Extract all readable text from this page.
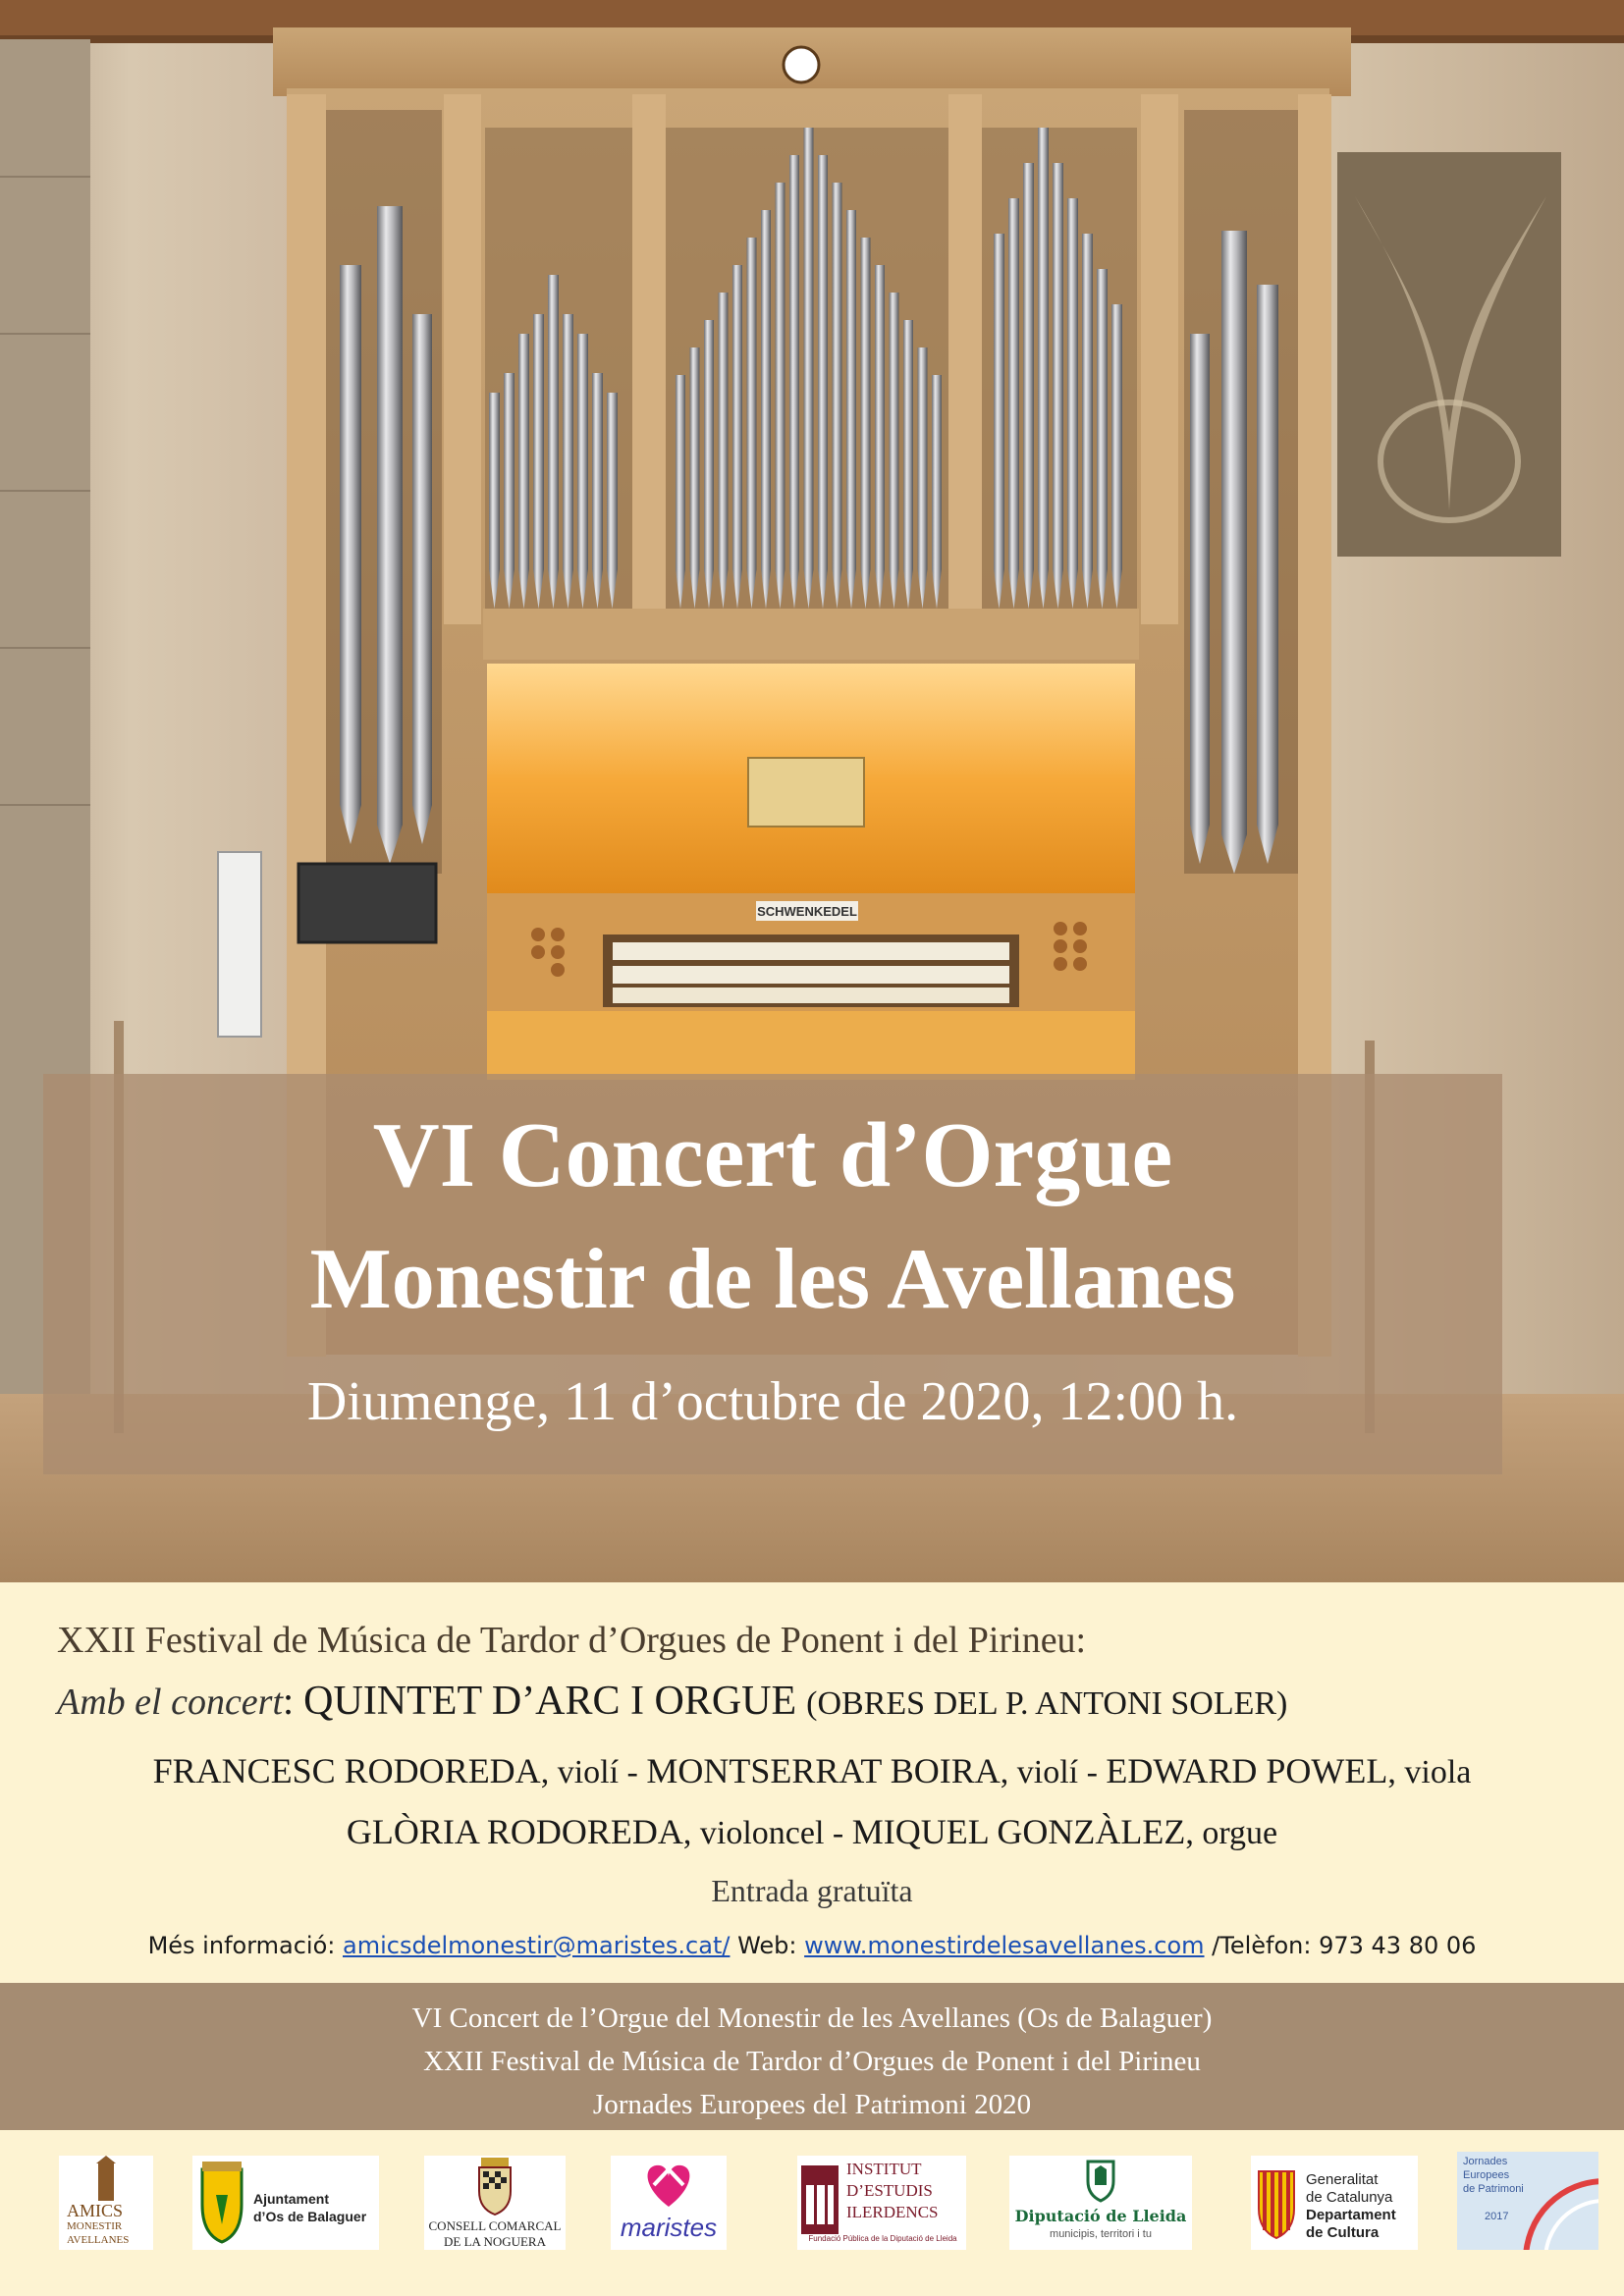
SCHWENKEDEL
VI Concert d’Orgue
Monestir de les Avellanes

Diumenge, 11 d’octubre de 2020, 12:00 h.

XXII Festival de Música de Tardor d’Orgues de Ponent i del Pirineu:

Amb el concert: QUINTET D’ARC I ORGUE (OBRES DEL P. ANTONI SOLER)

FRANCESC RODOREDA, violí - MONTSERRAT BOIRA, violí - EDWARD POWEL, viola

GLÒRIA RODOREDA, violoncel - MIQUEL GONZÀLEZ, orgue

Entrada gratuïta

Més informació: amicsdelmonestir@maristes.cat/ Web: www.monestirdelesavellanes.com /Telèfon: 973 43 80 06

VI Concert de l’Orgue del Monestir de les Avellanes (Os de Balaguer)

XXII Festival de Música de Tardor d’Orgues de Ponent i del Pirineu

Jornades Europees del Patrimoni 2020

AMICS
MONESTIR
AVELLANES
Ajuntament
d’Os de Balaguer
CONSELL COMARCAL
DE LA NOGUERA	maristes
INSTITUT
D’ESTUDIS
ILERDENCS
Fundació Pública de la Diputació de Lleida
Diputació de Lleida
municipis, territori i tu
Generalitat
de Catalunya
Departament
de Cultura
Jornades
Europees
de Patrimoni
2017
